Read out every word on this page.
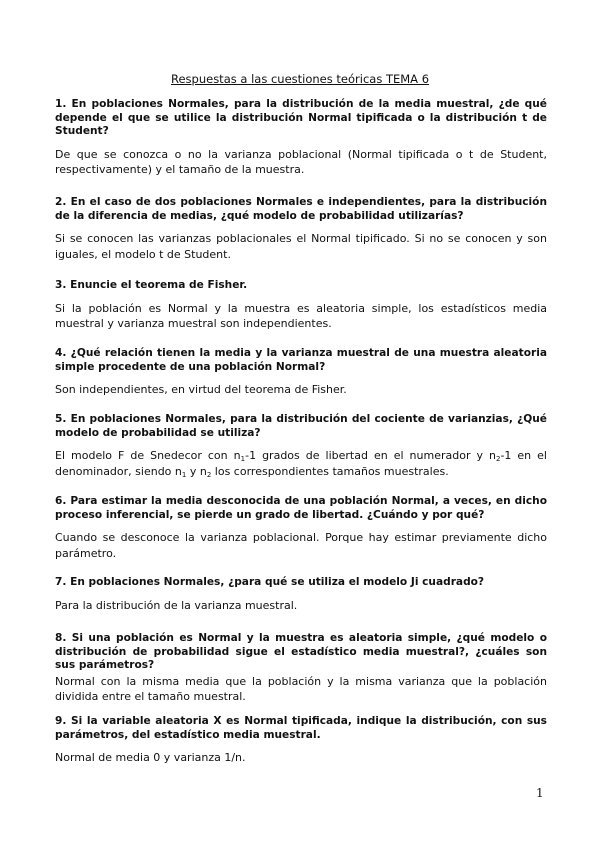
Respuestas a las cuestiones teóricas TEMA 6

1. En poblaciones Normales, para la distribución de la media muestral, ¿de qué depende el que se utilice la distribución Normal tipificada o la distribución t de Student?

De que se conozca o no la varianza poblacional (Normal tipificada o t de Student, respectivamente) y el tamaño de la muestra.

2. En el caso de dos poblaciones Normales e independientes, para la distribución de la diferencia de medias, ¿qué modelo de probabilidad utilizarías?

Si se conocen las varianzas poblacionales el Normal tipificado. Si no se conocen y son iguales, el modelo t de Student.

3. Enuncie el teorema de Fisher.

Si la población es Normal y la muestra es aleatoria simple, los estadísticos media muestral y varianza muestral son independientes.

4. ¿Qué relación tienen la media y la varianza muestral de una muestra aleatoria simple procedente de una población Normal?

Son independientes, en virtud del teorema de Fisher.

5. En poblaciones Normales, para la distribución del cociente de varianzias, ¿Qué modelo de probabilidad se utiliza?

El modelo F de Snedecor con $n_1-1$ grados de libertad en el numerador y $n_2-1$ en el denominador, siendo $n_1$ y $n_2$ los correspondientes tamaños muestrales.

6. Para estimar la media desconocida de una población Normal, a veces, en dicho proceso inferencial, se pierde un grado de libertad. ¿Cuándo y por qué?

Cuando se desconoce la varianza poblacional. Porque hay estimar previamente dicho parámetro.

7. En poblaciones Normales, ¿para qué se utiliza el modelo Ji cuadrado?

Para la distribución de la varianza muestral.

8. Si una población es Normal y la muestra es aleatoria simple, ¿qué modelo o distribución de probabilidad sigue el estadístico media muestral?, ¿cuáles son sus parámetros?

Normal con la misma media que la población y la misma varianza que la población dividida entre el tamaño muestral.

9. Si la variable aleatoria X es Normal tipificada, indique la distribución, con sus parámetros, del estadístico media muestral.

Normal de media 0 y varianza 1/n.

1
